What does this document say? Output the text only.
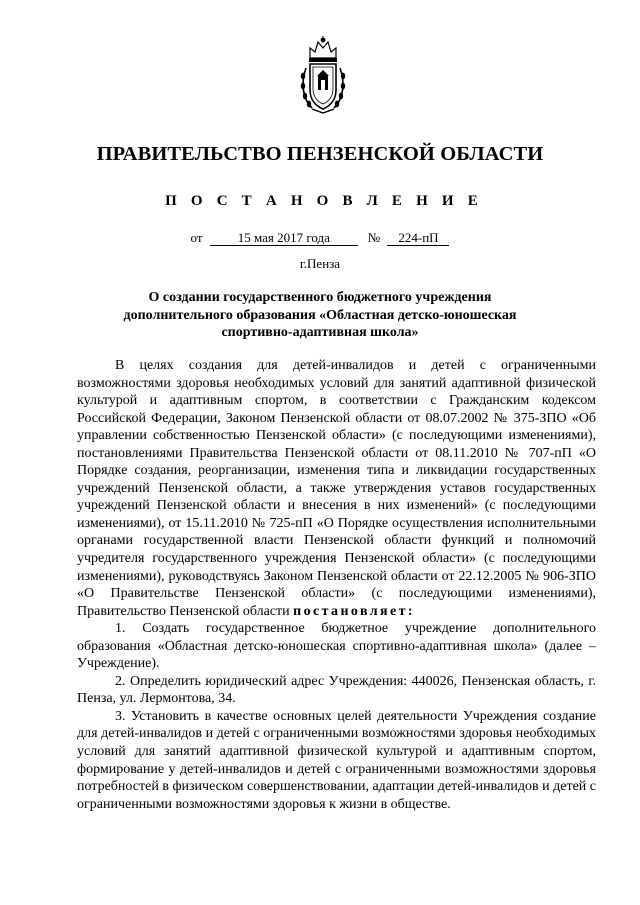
ПРАВИТЕЛЬСТВО ПЕНЗЕНСКОЙ ОБЛАСТИ
П О С Т А Н О В Л Е Н И Е
от	15 мая 2017 года	№ 224-пП
г.Пенза
О создании государственного бюджетного учреждения
дополнительного образования «Областная детско-юношеская
спортивно-адаптивная школа»

В целях создания для детей-инвалидов и детей с ограниченными возможностями здоровья необходимых условий для занятий адаптивной физической культурой и адаптивным спортом, в соответствии с Гражданским кодексом Российской Федерации, Законом Пензенской области от 08.07.2002 № 375-ЗПО «Об управлении собственностью Пензенской области» (с последующими изменениями), постановлениями Правительства Пензенской области от 08.11.2010 № 707-пП «О Порядке создания, реорганизации, изменения типа и ликвидации государственных учреждений Пензенской области, а также утверждения уставов государственных учреждений Пензенской области и внесения в них изменений» (с последующими изменениями), от 15.11.2010 № 725-пП «О Порядке осуществления исполнительными органами государственной власти Пензенской области функций и полномочий учредителя государственного учреждения Пензенской области» (с последующими изменениями), руководствуясь Законом Пензенской области от 22.12.2005 № 906-ЗПО «О Правительстве Пензенской области» (с последующими изменениями), Правительство Пензенской области постановляет:

1. Создать государственное бюджетное учреждение дополнительного образования «Областная детско-юношеская спортивно-адаптивная школа» (далее – Учреждение).

2. Определить юридический адрес Учреждения: 440026, Пензенская область, г. Пенза, ул. Лермонтова, 34.

3. Установить в качестве основных целей деятельности Учреждения создание для детей-инвалидов и детей с ограниченными возможностями здоровья необходимых условий для занятий адаптивной физической культурой и адаптивным спортом, формирование у детей-инвалидов и детей с ограниченными возможностями здоровья потребностей в физическом совершенствовании, адаптации детей-инвалидов и детей с ограниченными возможностями здоровья к жизни в обществе.
